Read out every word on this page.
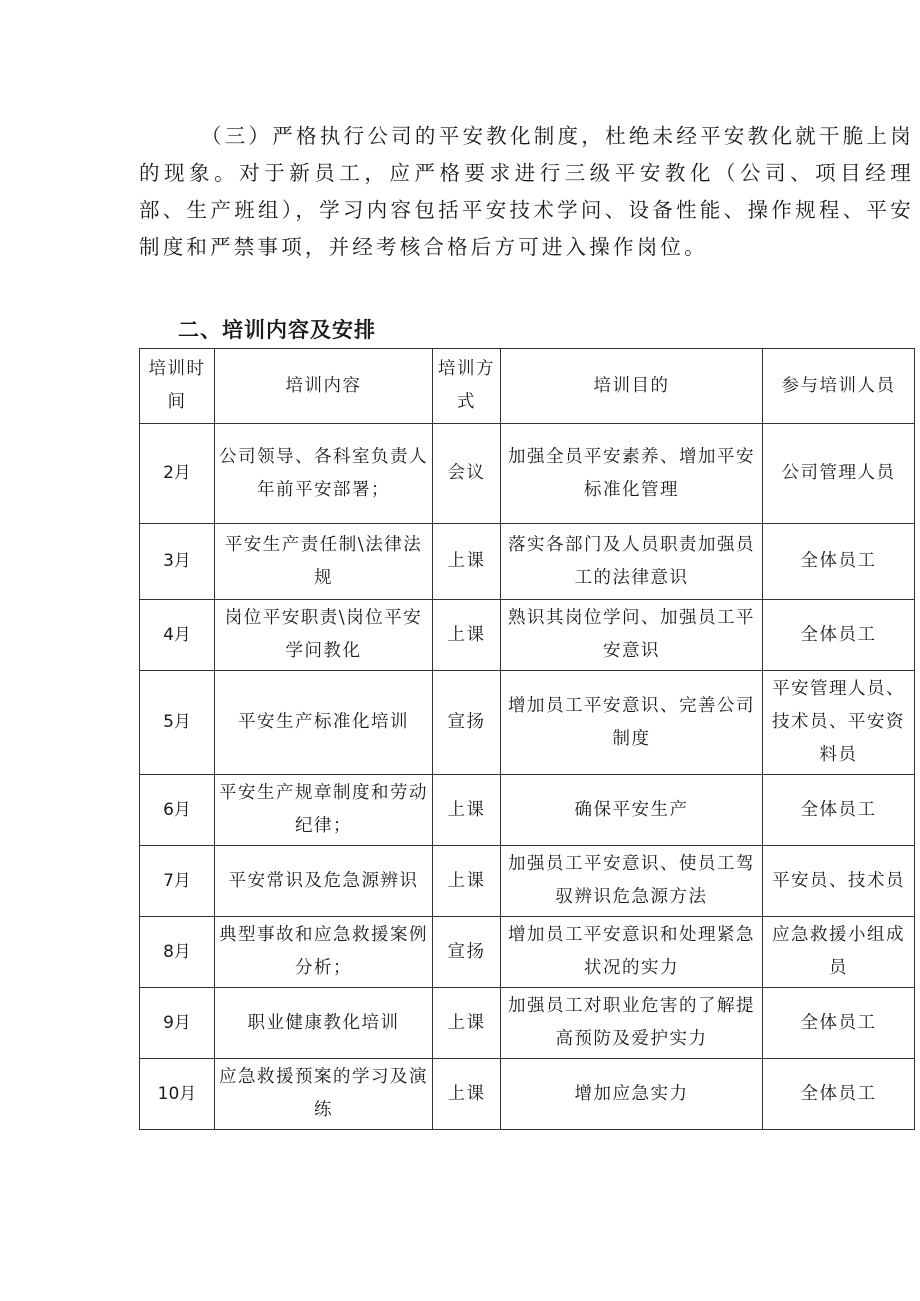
（三）严格执行公司的平安教化制度，杜绝未经平安教化就干脆上岗的现象。对于新员工，应严格要求进行三级平安教化（公司、项目经理部、生产班组），学习内容包括平安技术学问、设备性能、操作规程、平安制度和严禁事项，并经考核合格后方可进入操作岗位。

二、培训内容及安排
培训时间	培训内容	培训方式	培训目的	参与培训人员
2月	公司领导、各科室负责人年前平安部署；	会议	加强全员平安素养、增加平安标准化管理	公司管理人员
3月	平安生产责任制\法律法规	上课	落实各部门及人员职责加强员工的法律意识	全体员工
4月	岗位平安职责\岗位平安学问教化	上课	熟识其岗位学问、加强员工平安意识	全体员工
5月	平安生产标准化培训	宣扬	增加员工平安意识、完善公司制度	平安管理人员、技术员、平安资料员
6月	平安生产规章制度和劳动纪律；	上课	确保平安生产	全体员工
7月	平安常识及危急源辨识	上课	加强员工平安意识、使员工驾驭辨识危急源方法	平安员、技术员
8月	典型事故和应急救援案例分析；	宣扬	增加员工平安意识和处理紧急状况的实力	应急救援小组成员
9月	职业健康教化培训	上课	加强员工对职业危害的了解提高预防及爱护实力	全体员工
10月	应急救援预案的学习及演练	上课	增加应急实力	全体员工
